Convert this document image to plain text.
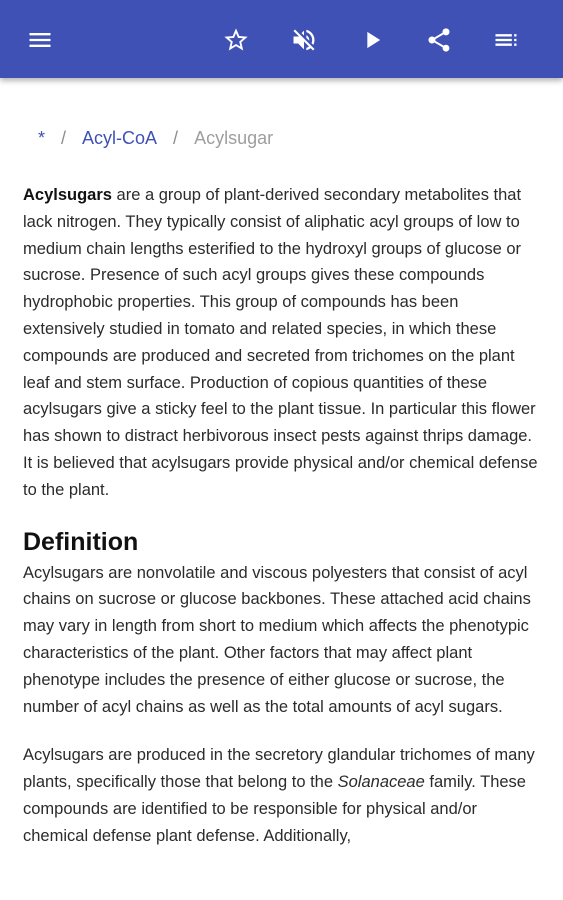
* / Acyl-CoA / Acylsugar

Acylsugars are a group of plant-derived secondary metabolites that lack nitrogen. They typically consist of aliphatic acyl groups of low to medium chain lengths esterified to the hydroxyl groups of glucose or sucrose. Presence of such acyl groups gives these compounds hydrophobic properties. This group of compounds has been extensively studied in tomato and related species, in which these compounds are produced and secreted from trichomes on the plant leaf and stem surface. Production of copious quantities of these acylsugars give a sticky feel to the plant tissue. In particular this flower has shown to distract herbivorous insect pests against thrips damage. It is believed that acylsugars provide physical and/or chemical defense to the plant.

Definition

Acylsugars are nonvolatile and viscous polyesters that consist of acyl chains on sucrose or glucose backbones. These attached acid chains may vary in length from short to medium which affects the phenotypic characteristics of the plant. Other factors that may affect plant phenotype includes the presence of either glucose or sucrose, the number of acyl chains as well as the total amounts of acyl sugars.

Acylsugars are produced in the secretory glandular trichomes of many plants, specifically those that belong to the Solanaceae family. These compounds are identified to be responsible for physical and/or chemical defense plant defense. Additionally,
